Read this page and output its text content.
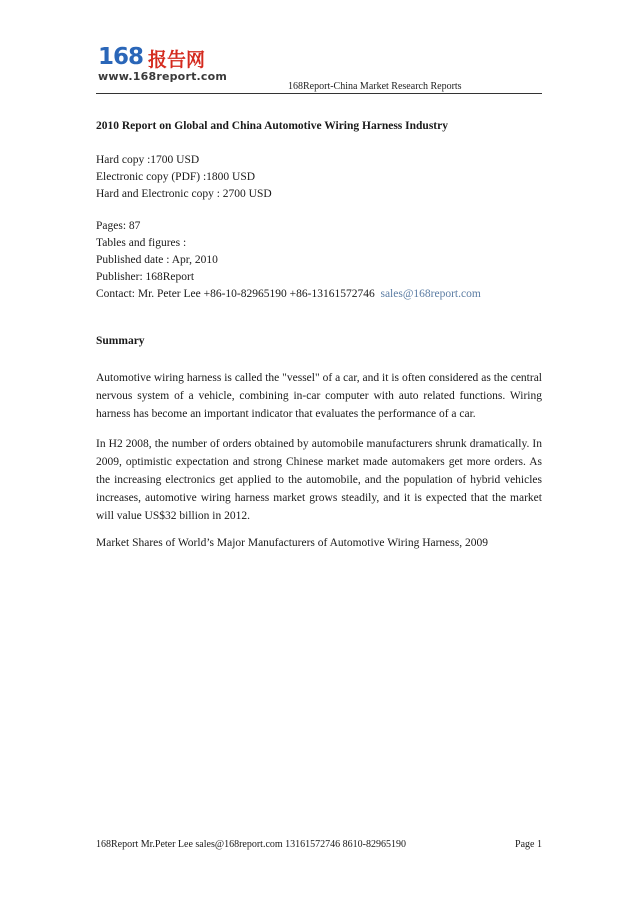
168 报告网
www.168report.com
168Report-China Market Research Reports
2010 Report on Global and China Automotive Wiring Harness Industry
Hard copy :1700 USD
Electronic copy (PDF) :1800 USD
Hard and Electronic copy : 2700 USD
Pages: 87
Tables and figures :
Published date : Apr, 2010
Publisher: 168Report
Contact: Mr. Peter Lee +86-10-82965190 +86-13161572746 sales@168report.com
Summary

Automotive wiring harness is called the "vessel" of a car, and it is often considered as the central nervous system of a vehicle, combining in-car computer with auto related functions. Wiring harness has become an important indicator that evaluates the performance of a car.

In H2 2008, the number of orders obtained by automobile manufacturers shrunk dramatically. In 2009, optimistic expectation and strong Chinese market made automakers get more orders. As the increasing electronics get applied to the automobile, and the population of hybrid vehicles increases, automotive wiring harness market grows steadily, and it is expected that the market will value US$32 billion in 2012.

Market Shares of World’s Major Manufacturers of Automotive Wiring Harness, 2009
168Report Mr.Peter Lee sales@168report.com 13161572746 8610-82965190	Page 1
